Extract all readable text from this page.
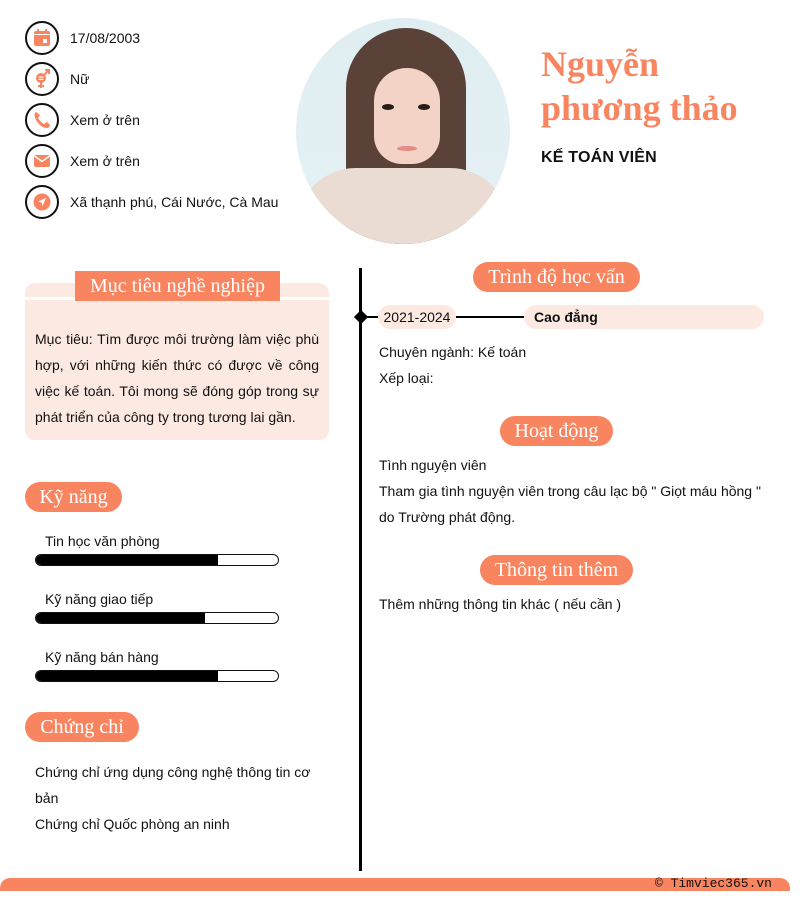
17/08/2003
Nữ
Xem ở trên
Xem ở trên
Xã thạnh phú, Cái Nước, Cà Mau
Nguyễn
phương thảo
KẾ TOÁN VIÊN
Mục tiêu nghề nghiệp
Mục tiêu: Tìm được môi trường làm việc phù hợp, với những kiến thức có được về công việc kế toán. Tôi mong sẽ đóng góp trong sự phát triển của công ty trong tương lai gần.
Kỹ năng
Tin học văn phòng
Kỹ năng giao tiếp
Kỹ năng bán hàng
Chứng chỉ
Chứng chỉ ứng dụng công nghệ thông tin cơ bản
Chứng chỉ Quốc phòng an ninh
Trình độ học vấn
2021-2024	Cao đẳng
Chuyên ngành: Kế toán
Xếp loại:
Hoạt động
Tình nguyện viên
Tham gia tình nguyện viên trong câu lạc bộ " Giọt máu hồng " do Trường phát động.
Thông tin thêm
Thêm những thông tin khác ( nếu cần )
© Timviec365.vn
